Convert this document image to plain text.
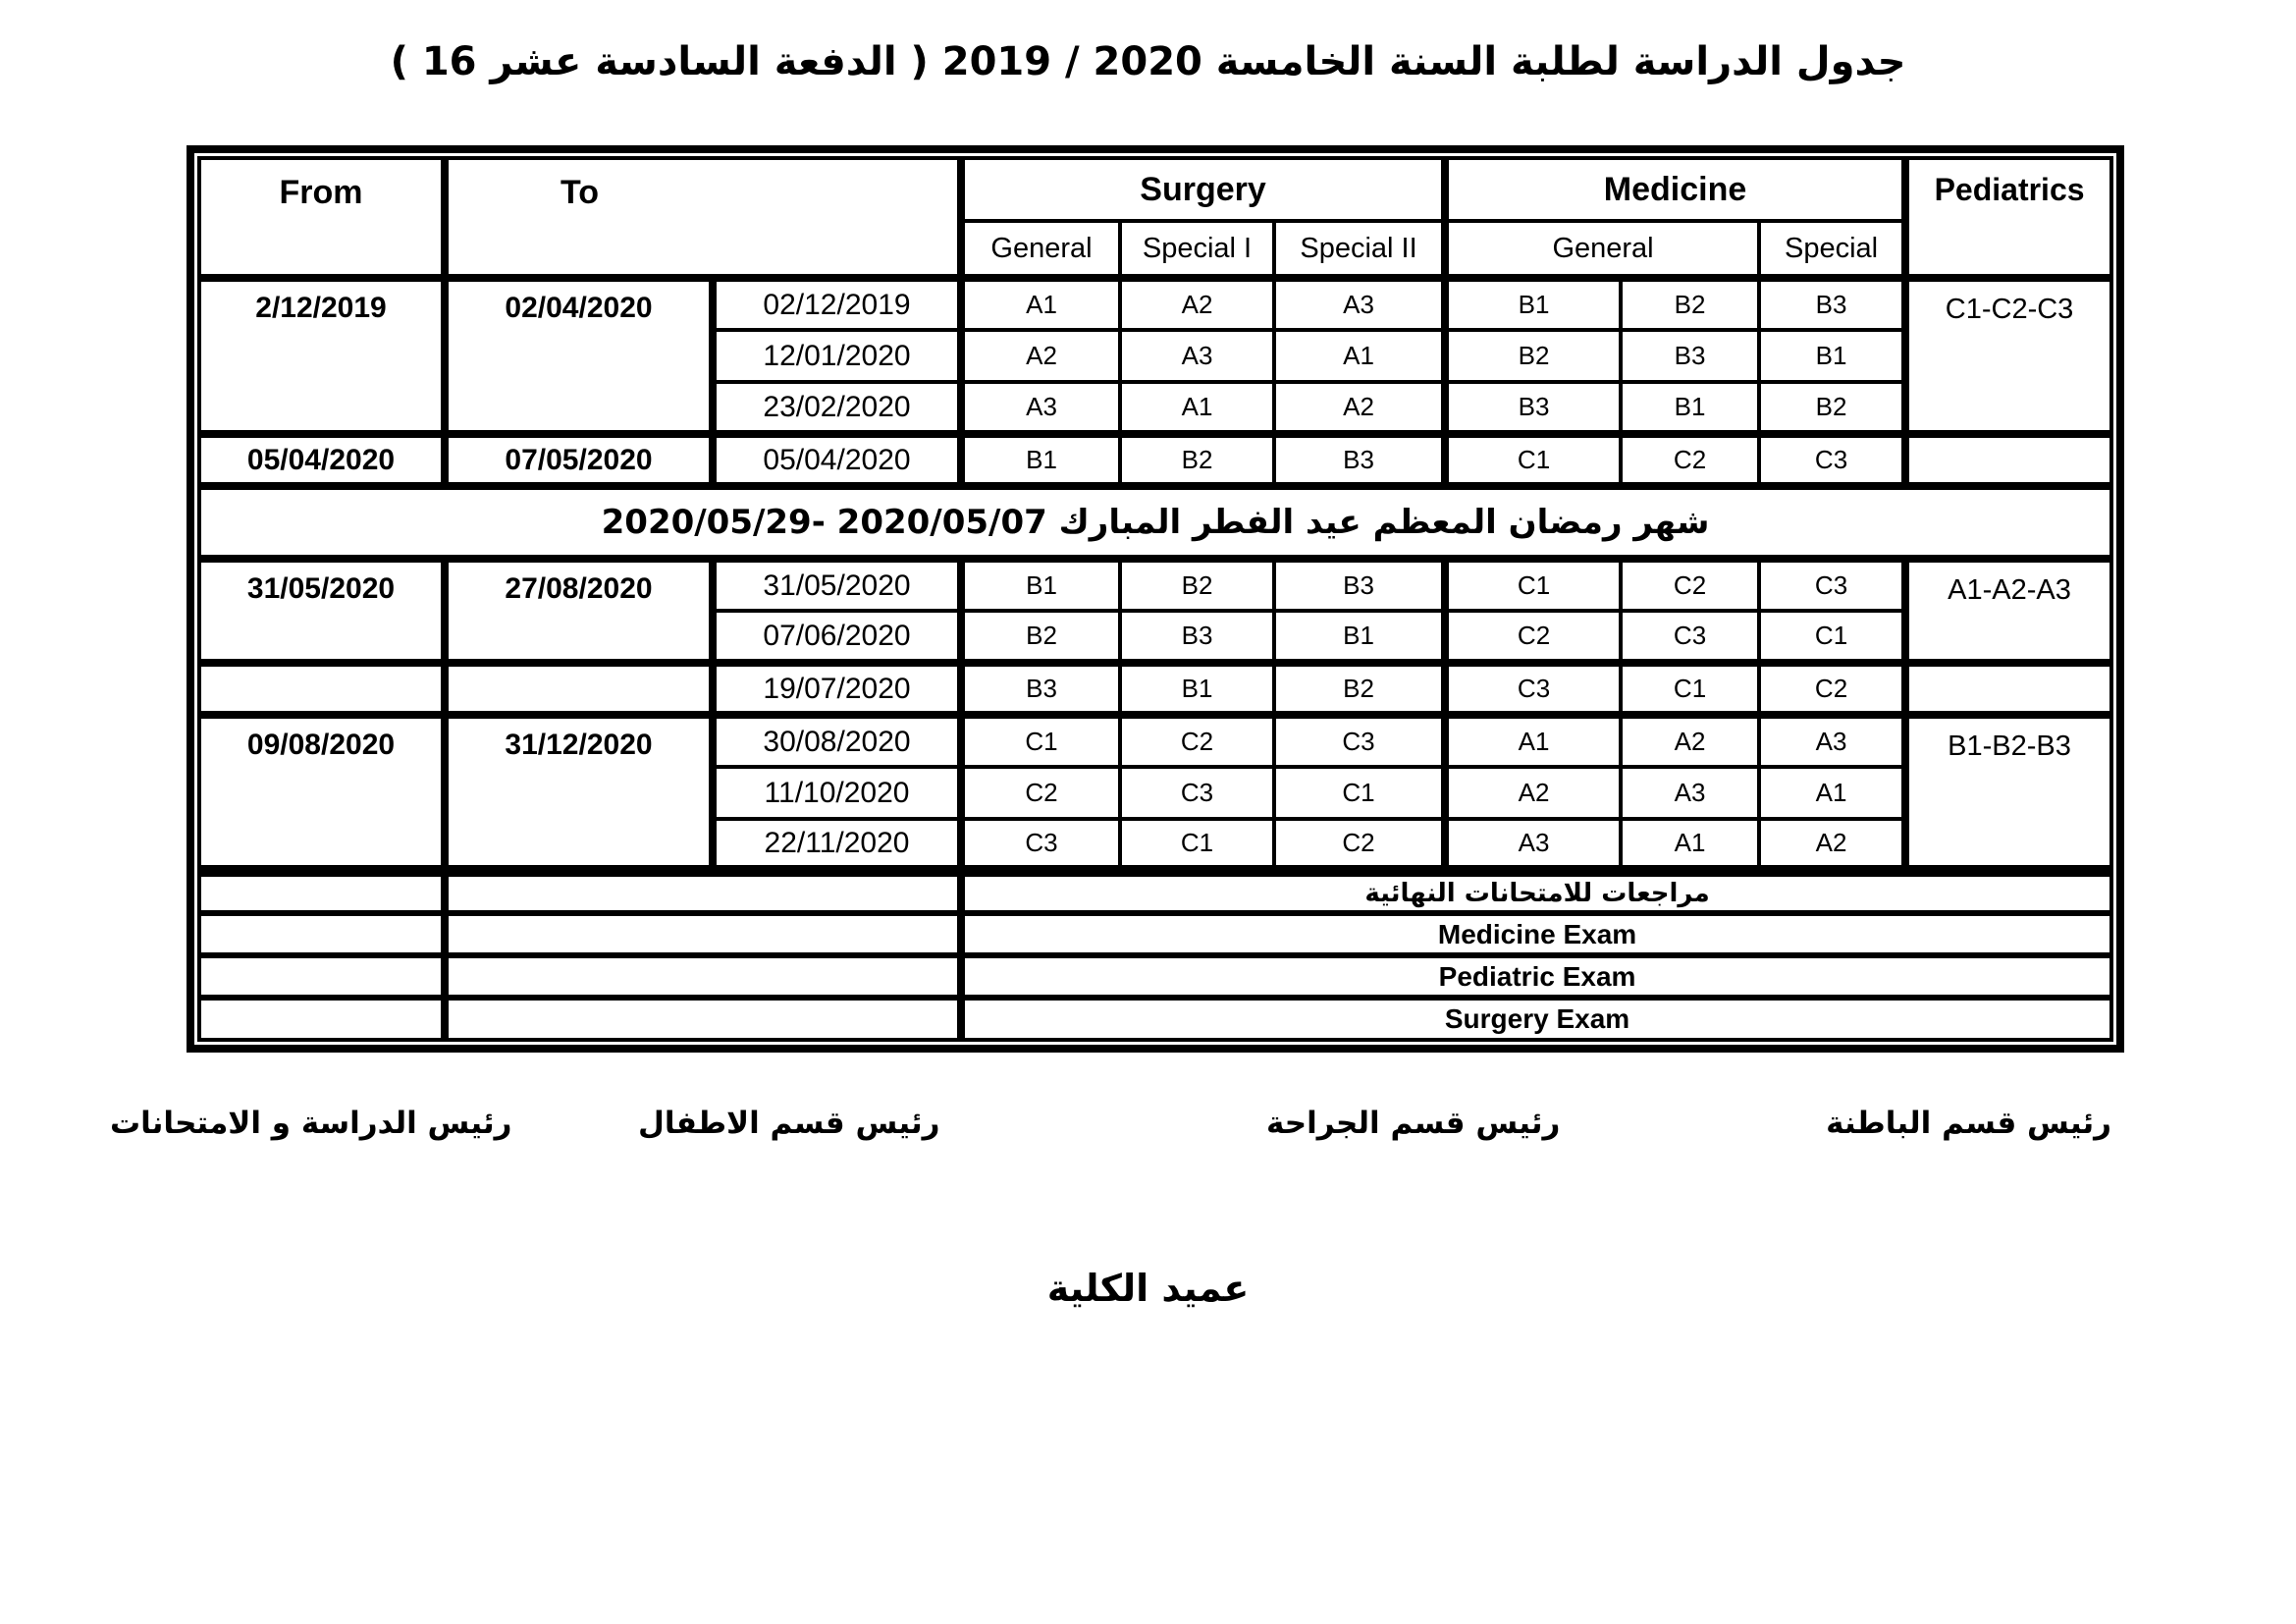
جدول الدراسة لطلبة السنة الخامسة 2020 / 2019 ( الدفعة السادسة عشر 16 )
From	To		Surgery			Medicine			Pediatrics
			General	Special I	Special II	General		Special	
2/12/2019	02/04/2020	02/12/2019	A1	A2	A3	B1	B2	B3	C1-C2-C3
		12/01/2020	A2	A3	A1	B2	B3	B1	
		23/02/2020	A3	A1	A2	B3	B1	B2	
05/04/2020	07/05/2020	05/04/2020	B1	B2	B3	C1	C2	C3	
شهر رمضان المعظم عيد الفطر المبارك 2020/05/07 -2020/05/29									
31/05/2020	27/08/2020	31/05/2020	B1	B2	B3	C1	C2	C3	A1-A2-A3
		07/06/2020	B2	B3	B1	C2	C3	C1	
		19/07/2020	B3	B1	B2	C3	C1	C2	
09/08/2020	31/12/2020	30/08/2020	C1	C2	C3	A1	A2	A3	B1-B2-B3
		11/10/2020	C2	C3	C1	A2	A3	A1	
		22/11/2020	C3	C1	C2	A3	A1	A2	
			مراجعات للامتحانات النهائية						
			Medicine Exam						
			Pediatric Exam						
			Surgery Exam						
رئيس الدراسة و الامتحانات	رئيس قسم الاطفال	رئيس قسم الجراحة	رئيس قسم الباطنة
عميد الكلية
